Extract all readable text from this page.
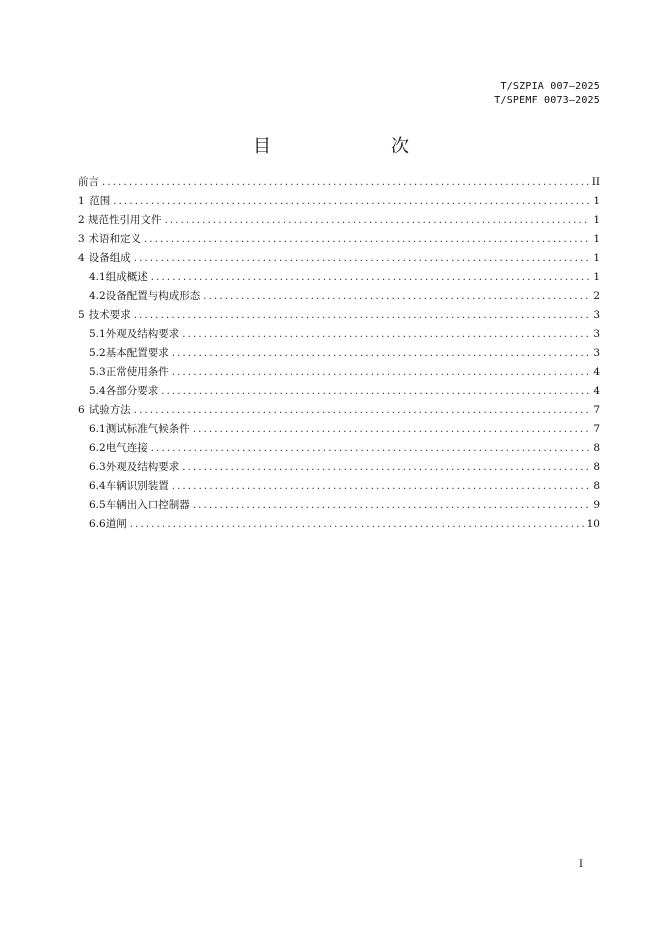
T/SZPIA 007—2025
T/SPEMF 0073—2025
目　　次
前言 .....	II
1 范围 .....	1
2 规范性引用文件 .....	1
3 术语和定义 .....	1
4 设备组成 .....	1
4.1 组成概述 .....	1
4.2 设备配置与构成形态 .....	2
5 技术要求 .....	3
5.1 外观及结构要求 .....	3
5.2 基本配置要求 .....	3
5.3 正常使用条件 .....	4
5.4 各部分要求 .....	4
6 试验方法 .....	7
6.1 测试标准气候条件 .....	7
6.2 电气连接 .....	8
6.3 外观及结构要求 .....	8
6.4 车辆识别装置 .....	8
6.5 车辆出入口控制器 .....	9
6.6 道闸 .....	10
I
